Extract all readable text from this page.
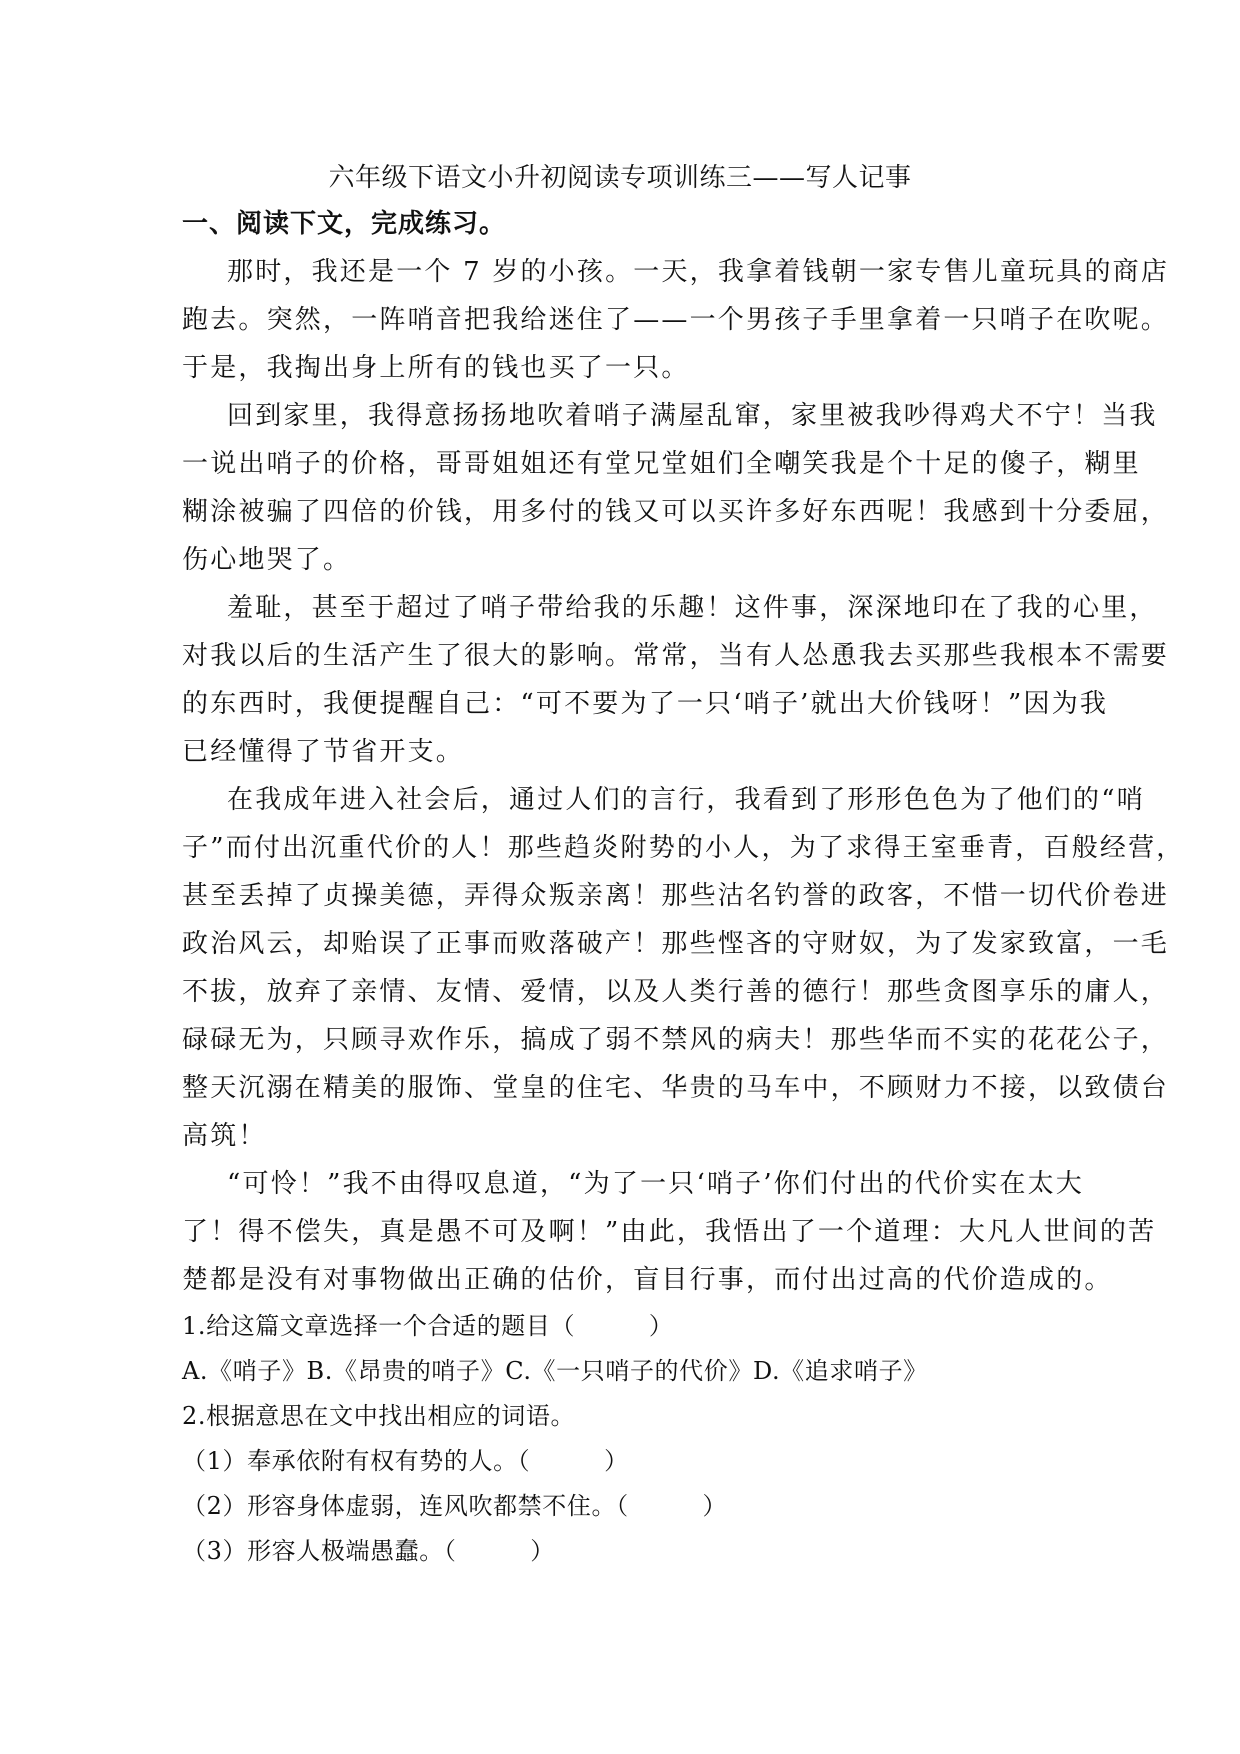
六年级下语文小升初阅读专项训练三——写人记事
一、阅读下文，完成练习。
那时，我还是一个 7 岁的小孩。一天，我拿着钱朝一家专售儿童玩具的商店
跑去。突然，一阵哨音把我给迷住了——一个男孩子手里拿着一只哨子在吹呢。
于是，我掏出身上所有的钱也买了一只。
回到家里，我得意扬扬地吹着哨子满屋乱窜，家里被我吵得鸡犬不宁！当我
一说出哨子的价格，哥哥姐姐还有堂兄堂姐们全嘲笑我是个十足的傻子，糊里
糊涂被骗了四倍的价钱，用多付的钱又可以买许多好东西呢！我感到十分委屈，
伤心地哭了。
羞耻，甚至于超过了哨子带给我的乐趣！这件事，深深地印在了我的心里，
对我以后的生活产生了很大的影响。常常，当有人怂恿我去买那些我根本不需要
的东西时，我便提醒自己：“可不要为了一只‘哨子’就出大价钱呀！”因为我
已经懂得了节省开支。
在我成年进入社会后，通过人们的言行，我看到了形形色色为了他们的“哨
子”而付出沉重代价的人！那些趋炎附势的小人，为了求得王室垂青，百般经营，
甚至丢掉了贞操美德，弄得众叛亲离！那些沽名钓誉的政客，不惜一切代价卷进
政治风云，却贻误了正事而败落破产！那些悭吝的守财奴，为了发家致富，一毛
不拔，放弃了亲情、友情、爱情，以及人类行善的德行！那些贪图享乐的庸人，
碌碌无为，只顾寻欢作乐，搞成了弱不禁风的病夫！那些华而不实的花花公子，
整天沉溺在精美的服饰、堂皇的住宅、华贵的马车中，不顾财力不接，以致债台
高筑！
“可怜！”我不由得叹息道，“为了一只‘哨子’你们付出的代价实在太大
了！得不偿失，真是愚不可及啊！”由此，我悟出了一个道理：大凡人世间的苦
楚都是没有对事物做出正确的估价，盲目行事，而付出过高的代价造成的。
1.给这篇文章选择一个合适的题目（　　　）
A.《哨子》B.《昂贵的哨子》C.《一只哨子的代价》D.《追求哨子》
2.根据意思在文中找出相应的词语。
（1）奉承依附有权有势的人。（　　　）
（2）形容身体虚弱，连风吹都禁不住。（　　　）
（3）形容人极端愚蠢。（　　　）
